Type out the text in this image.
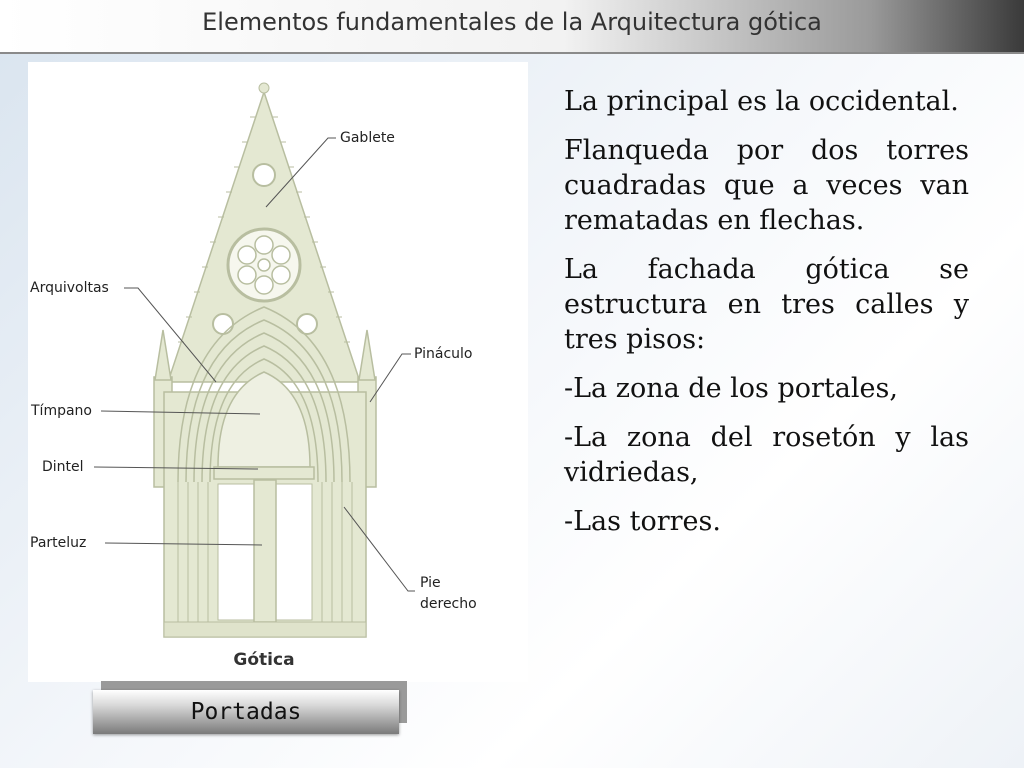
Elementos fundamentales de la Arquitectura gótica
Gablete
Arquivoltas
Pináculo
Tímpano
Dintel
Parteluz
Pie
derecho
Gótica

La principal es la occidental.

Flanqueda por dos torres cuadradas que a veces van rematadas en flechas.

La fachada gótica se estructura en tres calles y tres pisos:

-La zona de los portales,

-La zona del rosetón y las vidriedas,

-Las torres.

Portadas
